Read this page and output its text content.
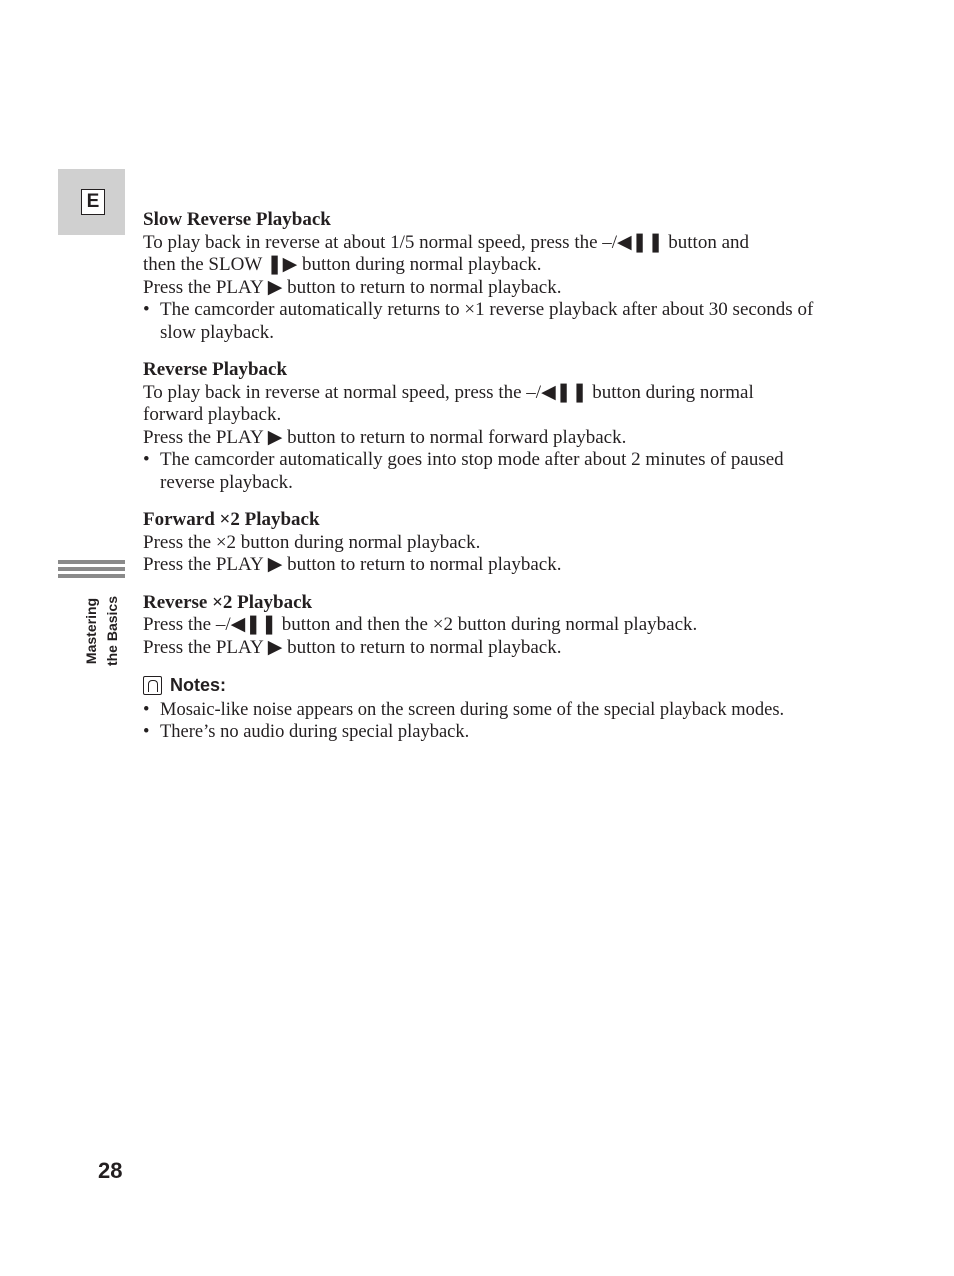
E
Mastering the Basics
Slow Reverse Playback
To play back in reverse at about 1/5 normal speed, press the –/◀❚❚ button and
then the SLOW ❚▶ button during normal playback.
Press the PLAY ▶ button to return to normal playback.
• The camcorder automatically returns to ×1 reverse playback after about 30 seconds of slow playback.
Reverse Playback
To play back in reverse at normal speed, press the –/◀❚❚ button during normal
forward playback.
Press the PLAY ▶ button to return to normal forward playback.
• The camcorder automatically goes into stop mode after about 2 minutes of paused reverse playback.
Forward ×2 Playback
Press the ×2 button during normal playback.
Press the PLAY ▶ button to return to normal playback.
Reverse ×2 Playback
Press the –/◀❚❚ button and then the ×2 button during normal playback.
Press the PLAY ▶ button to return to normal playback.
Notes:
• Mosaic-like noise appears on the screen during some of the special playback modes.
• There’s no audio during special playback.
28
